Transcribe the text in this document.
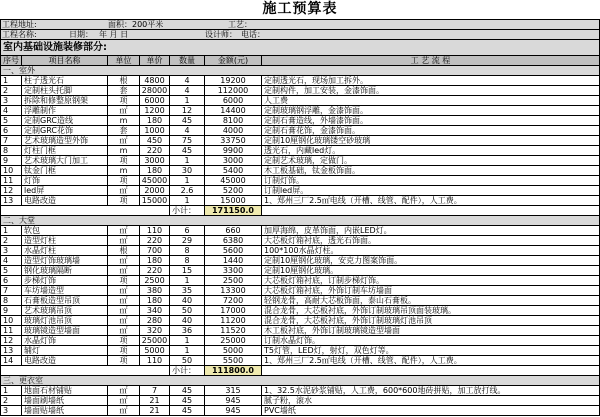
施工预算表
工程地址:	面积：200平米	工艺：
工程名称:	日期： 年 月 日	设计师： 电话：
室内基础设施装修部分:
序号	项目名称	单位	单价	数量	金额(元)	工 艺 流 程
一、室外
1	柱子透光石	根	4800	4	19200	定制透光石，现场加工拆外。
2	定制柱头托脚	套	28000	4	112000	定制构件，加工安装，金漆饰面。
3	拆除和修整原钢架	项	6000	1	6000	人工费
4	浮雕制作	㎡	1200	12	14400	定制玻璃钢浮雕，金漆饰面。
5	定制GRC造线	m	180	45	8100	定制石膏造线，外墙漆饰面。
6	定制GRC花饰	套	1000	4	4000	定制石膏花饰，金漆饰面。
7	艺术玻璃造型外饰	㎡	450	75	33750	定制10厘钢化玻璃镂空砂玻璃
8	灯柱门框	m	220	45	9900	透光石，内藏led灯。
9	艺术玻璃大门加工	项	3000	1	3000	定制艺术玻璃，定做门。
10	钛金门框	m	180	30	5400	木工板基础，钛金板饰面。
11	灯饰	项	45000	1	45000	订制灯饰。
12	led屏	㎡	2000	2.6	5200	订制led屏。
13	电路改造	项	15000	1	15000	1、郑州三厂2.5㎡电线（开槽、线管、配件），人工费。
小计：	171150.0
二、大堂
1	软包	㎡	110	6	660	加厚海绵，皮革饰面，内嵌LED灯。
2	造型灯柱	㎡	220	29	6380	大芯板灯箱衬底，透光石饰面。
3	水晶灯柱	根	700	8	5600	100*100水晶灯柱。
4	造型灯饰玻璃墙	㎡	180	8	1440	定制10厘钢化玻璃，安克力图案饰面。
5	钢化玻璃隔断	㎡	220	15	3300	定制10厘钢化玻璃。
6	步梯灯饰	项	2500	1	2500	大芯板灯箱衬底，订制步梯灯饰。
7	车坊墙造型	㎡	380	35	13300	大芯板灯箱衬底，外饰订制车坊墙面
8	石膏板造型吊顶	㎡	180	40	7200	轻钢龙骨，高耐大芯板饰面，泰山石膏板。
9	艺术玻璃吊顶	㎡	340	50	17000	混合龙骨，大芯板衬底，外饰订制玻璃吊顶面装玻璃。
10	玻璃灯池吊顶	㎡	280	40	11200	混合龙骨，大芯板衬底，外饰订制玻璃灯池吊顶
11	玻璃镜造型墙面	㎡	320	36	11520	木工板衬底，外饰订制玻璃镜造型墙面
12	水晶灯饰	项	25000	1	25000	订制水晶灯饰。
13	辅灯	项	5000	1	5000	T5灯管，LED灯，射灯，双色灯等。
14	电路改造	项	110	50	5500	1、郑州三厂2.5㎡电线（开槽、线管、配件），人工费。
小计：	111800.0
三、更衣室
1	地面石材铺贴	㎡	7	45	315	1、32.5水泥砂浆铺贴，人工费，600*600地砖拼贴，加工放打线。
2	墙面刷墙纸	㎡	21	45	945	腻子粉，滚水
3	墙面贴墙纸	㎡	21	45	945	PVC墙纸
